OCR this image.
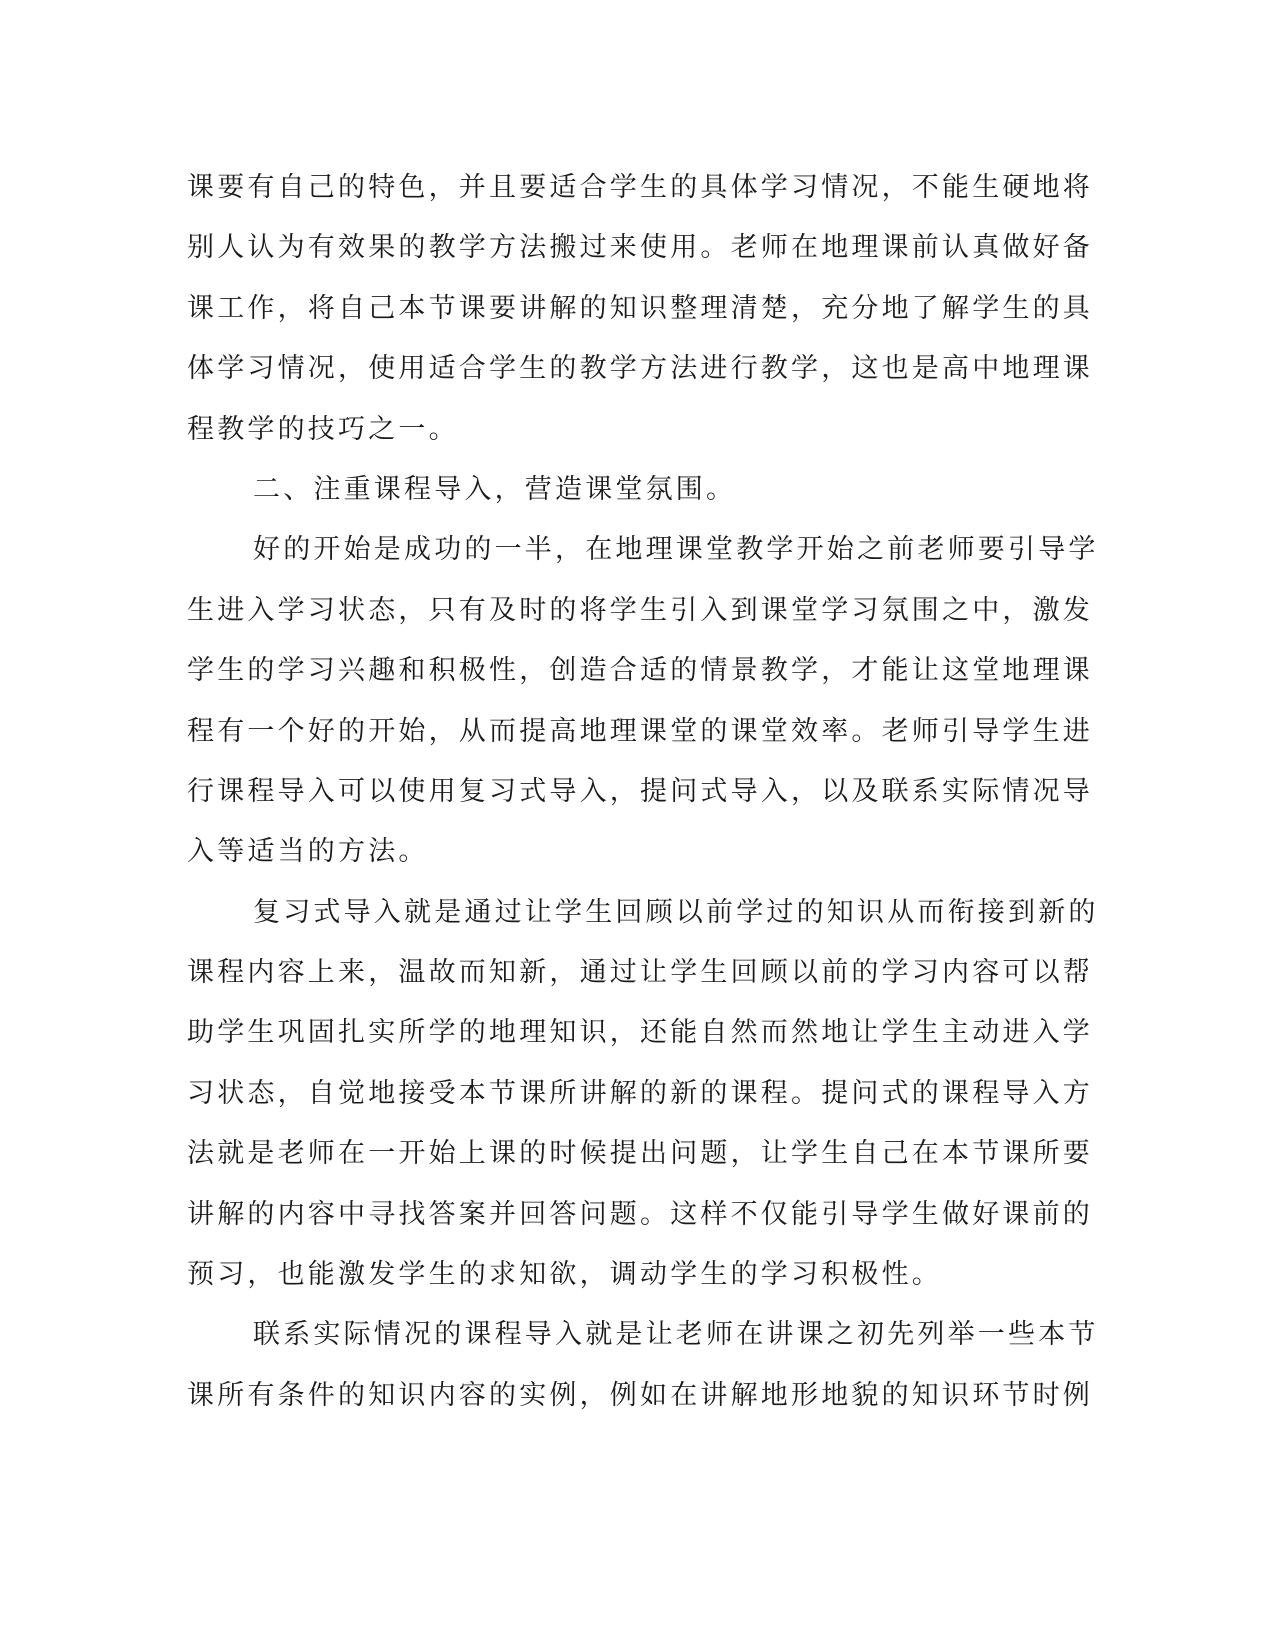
课要有自己的特色，并且要适合学生的具体学习情况，不能生硬地将
别人认为有效果的教学方法搬过来使用。老师在地理课前认真做好备
课工作，将自己本节课要讲解的知识整理清楚，充分地了解学生的具
体学习情况，使用适合学生的教学方法进行教学，这也是高中地理课
程教学的技巧之一。
二、注重课程导入，营造课堂氛围。
好的开始是成功的一半，在地理课堂教学开始之前老师要引导学
生进入学习状态，只有及时的将学生引入到课堂学习氛围之中，激发
学生的学习兴趣和积极性，创造合适的情景教学，才能让这堂地理课
程有一个好的开始，从而提高地理课堂的课堂效率。老师引导学生进
行课程导入可以使用复习式导入，提问式导入，以及联系实际情况导
入等适当的方法。
复习式导入就是通过让学生回顾以前学过的知识从而衔接到新的
课程内容上来，温故而知新，通过让学生回顾以前的学习内容可以帮
助学生巩固扎实所学的地理知识，还能自然而然地让学生主动进入学
习状态，自觉地接受本节课所讲解的新的课程。提问式的课程导入方
法就是老师在一开始上课的时候提出问题，让学生自己在本节课所要
讲解的内容中寻找答案并回答问题。这样不仅能引导学生做好课前的
预习，也能激发学生的求知欲，调动学生的学习积极性。
联系实际情况的课程导入就是让老师在讲课之初先列举一些本节
课所有条件的知识内容的实例，例如在讲解地形地貌的知识环节时例
